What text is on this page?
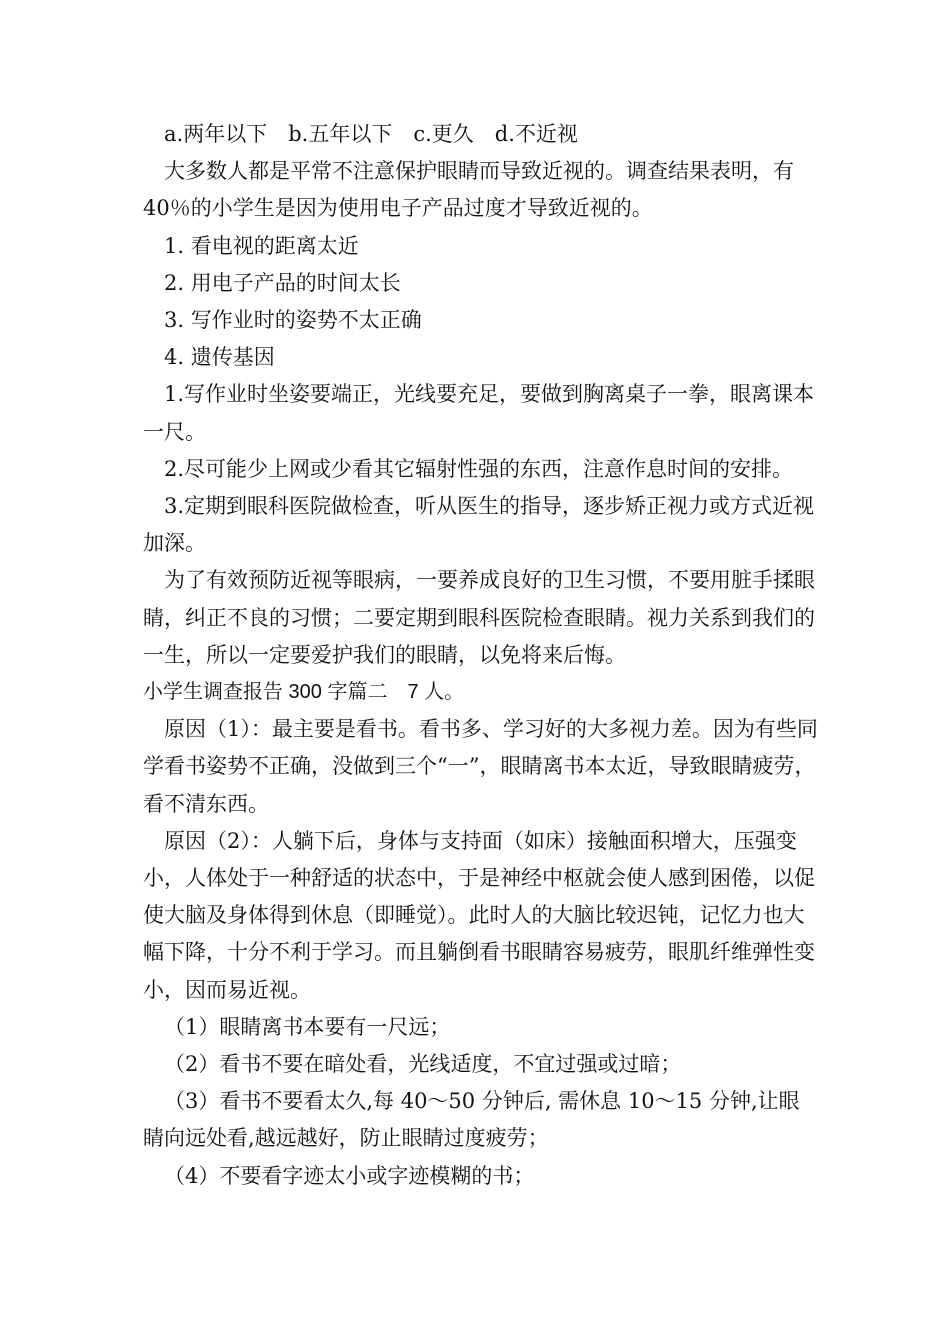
a.两年以下　b.五年以下　c.更久　d.不近视

大多数人都是平常不注意保护眼睛而导致近视的。调查结果表明，有 40％的小学生是因为使用电子产品过度才导致近视的。

1. 看电视的距离太近

2. 用电子产品的时间太长

3. 写作业时的姿势不太正确

4. 遗传基因

1.写作业时坐姿要端正，光线要充足，要做到胸离桌子一拳，眼离课本一尺。

2.尽可能少上网或少看其它辐射性强的东西，注意作息时间的安排。

3.定期到眼科医院做检查，听从医生的指导，逐步矫正视力或方式近视加深。

为了有效预防近视等眼病，一要养成良好的卫生习惯，不要用脏手揉眼睛，纠正不良的习惯；二要定期到眼科医院检查眼睛。视力关系到我们的一生，所以一定要爱护我们的眼睛，以免将来后悔。

小学生调查报告 300 字篇二　7 人。

原因（1）：最主要是看书。看书多、学习好的大多视力差。因为有些同学看书姿势不正确，没做到三个“一”，眼睛离书本太近，导致眼睛疲劳，看不清东西。

原因（2）：人躺下后，身体与支持面（如床）接触面积增大，压强变小，人体处于一种舒适的状态中，于是神经中枢就会使人感到困倦，以促使大脑及身体得到休息（即睡觉）。此时人的大脑比较迟钝，记忆力也大幅下降，十分不利于学习。而且躺倒看书眼睛容易疲劳，眼肌纤维弹性变小，因而易近视。

（1）眼睛离书本要有一尺远；

（2）看书不要在暗处看，光线适度，不宜过强或过暗；

（3）看书不要看太久,每 40～50 分钟后, 需休息 10～15 分钟,让眼睛向远处看,越远越好，防止眼睛过度疲劳；

（4）不要看字迹太小或字迹模糊的书；
